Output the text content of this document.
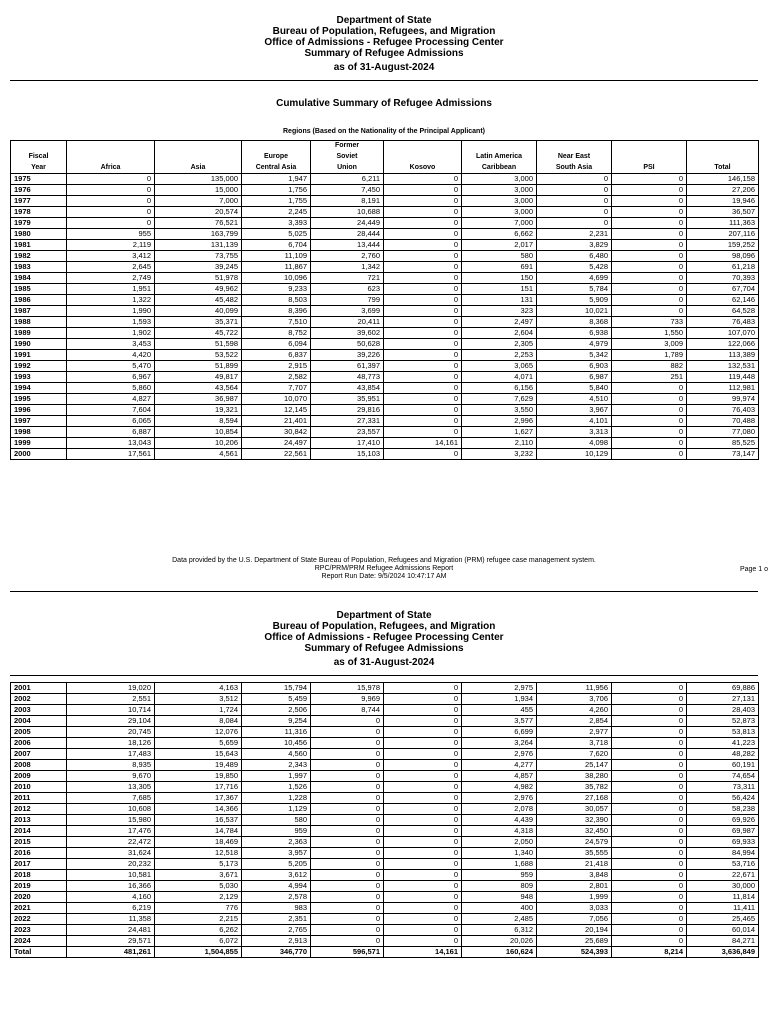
Department of State
Bureau of Population, Refugees, and Migration
Office of Admissions - Refugee Processing Center
Summary of Refugee Admissions
as of 31-August-2024
Cumulative Summary of Refugee Admissions
Regions (Based on the Nationality of the Principal Applicant)
				Former					
Fiscal			Europe	Soviet		Latin America	Near East		
Year	Africa	Asia	Central Asia	Union	Kosovo	Caribbean	South Asia	PSI	Total
1975	0	135,000	1,947	6,211	0	3,000	0	0	146,158
1976	0	15,000	1,756	7,450	0	3,000	0	0	27,206
1977	0	7,000	1,755	8,191	0	3,000	0	0	19,946
1978	0	20,574	2,245	10,688	0	3,000	0	0	36,507
1979	0	76,521	3,393	24,449	0	7,000	0	0	111,363
1980	955	163,799	5,025	28,444	0	6,662	2,231	0	207,116
1981	2,119	131,139	6,704	13,444	0	2,017	3,829	0	159,252
1982	3,412	73,755	11,109	2,760	0	580	6,480	0	98,096
1983	2,645	39,245	11,867	1,342	0	691	5,428	0	61,218
1984	2,749	51,978	10,096	721	0	150	4,699	0	70,393
1985	1,951	49,962	9,233	623	0	151	5,784	0	67,704
1986	1,322	45,482	8,503	799	0	131	5,909	0	62,146
1987	1,990	40,099	8,396	3,699	0	323	10,021	0	64,528
1988	1,593	35,371	7,510	20,411	0	2,497	8,368	733	76,483
1989	1,902	45,722	8,752	39,602	0	2,604	6,938	1,550	107,070
1990	3,453	51,598	6,094	50,628	0	2,305	4,979	3,009	122,066
1991	4,420	53,522	6,837	39,226	0	2,253	5,342	1,789	113,389
1992	5,470	51,899	2,915	61,397	0	3,065	6,903	882	132,531
1993	6,967	49,817	2,582	48,773	0	4,071	6,987	251	119,448
1994	5,860	43,564	7,707	43,854	0	6,156	5,840	0	112,981
1995	4,827	36,987	10,070	35,951	0	7,629	4,510	0	99,974
1996	7,604	19,321	12,145	29,816	0	3,550	3,967	0	76,403
1997	6,065	8,594	21,401	27,331	0	2,996	4,101	0	70,488
1998	6,887	10,854	30,842	23,557	0	1,627	3,313	0	77,080
1999	13,043	10,206	24,497	17,410	14,161	2,110	4,098	0	85,525
2000	17,561	4,561	22,561	15,103	0	3,232	10,129	0	73,147
Data provided by the U.S. Department of State Bureau of Population, Refugees and Migration (PRM) refugee case management system.
RPC/PRM/PRM Refugee Admissions Report
Report Run Date: 9/5/2024 10:47:17 AM
Page 1 o
Department of State
Bureau of Population, Refugees, and Migration
Office of Admissions - Refugee Processing Center
Summary of Refugee Admissions
as of 31-August-2024
2001	19,020	4,163	15,794	15,978	0	2,975	11,956	0	69,886
2002	2,551	3,512	5,459	9,969	0	1,934	3,706	0	27,131
2003	10,714	1,724	2,506	8,744	0	455	4,260	0	28,403
2004	29,104	8,084	9,254	0	0	3,577	2,854	0	52,873
2005	20,745	12,076	11,316	0	0	6,699	2,977	0	53,813
2006	18,126	5,659	10,456	0	0	3,264	3,718	0	41,223
2007	17,483	15,643	4,560	0	0	2,976	7,620	0	48,282
2008	8,935	19,489	2,343	0	0	4,277	25,147	0	60,191
2009	9,670	19,850	1,997	0	0	4,857	38,280	0	74,654
2010	13,305	17,716	1,526	0	0	4,982	35,782	0	73,311
2011	7,685	17,367	1,228	0	0	2,976	27,168	0	56,424
2012	10,608	14,366	1,129	0	0	2,078	30,057	0	58,238
2013	15,980	16,537	580	0	0	4,439	32,390	0	69,926
2014	17,476	14,784	959	0	0	4,318	32,450	0	69,987
2015	22,472	18,469	2,363	0	0	2,050	24,579	0	69,933
2016	31,624	12,518	3,957	0	0	1,340	35,555	0	84,994
2017	20,232	5,173	5,205	0	0	1,688	21,418	0	53,716
2018	10,581	3,671	3,612	0	0	959	3,848	0	22,671
2019	16,366	5,030	4,994	0	0	809	2,801	0	30,000
2020	4,160	2,129	2,578	0	0	948	1,999	0	11,814
2021	6,219	776	983	0	0	400	3,033	0	11,411
2022	11,358	2,215	2,351	0	0	2,485	7,056	0	25,465
2023	24,481	6,262	2,765	0	0	6,312	20,194	0	60,014
2024	29,571	6,072	2,913	0	0	20,026	25,689	0	84,271
Total	481,261	1,504,855	346,770	596,571	14,161	160,624	524,393	8,214	3,636,849
